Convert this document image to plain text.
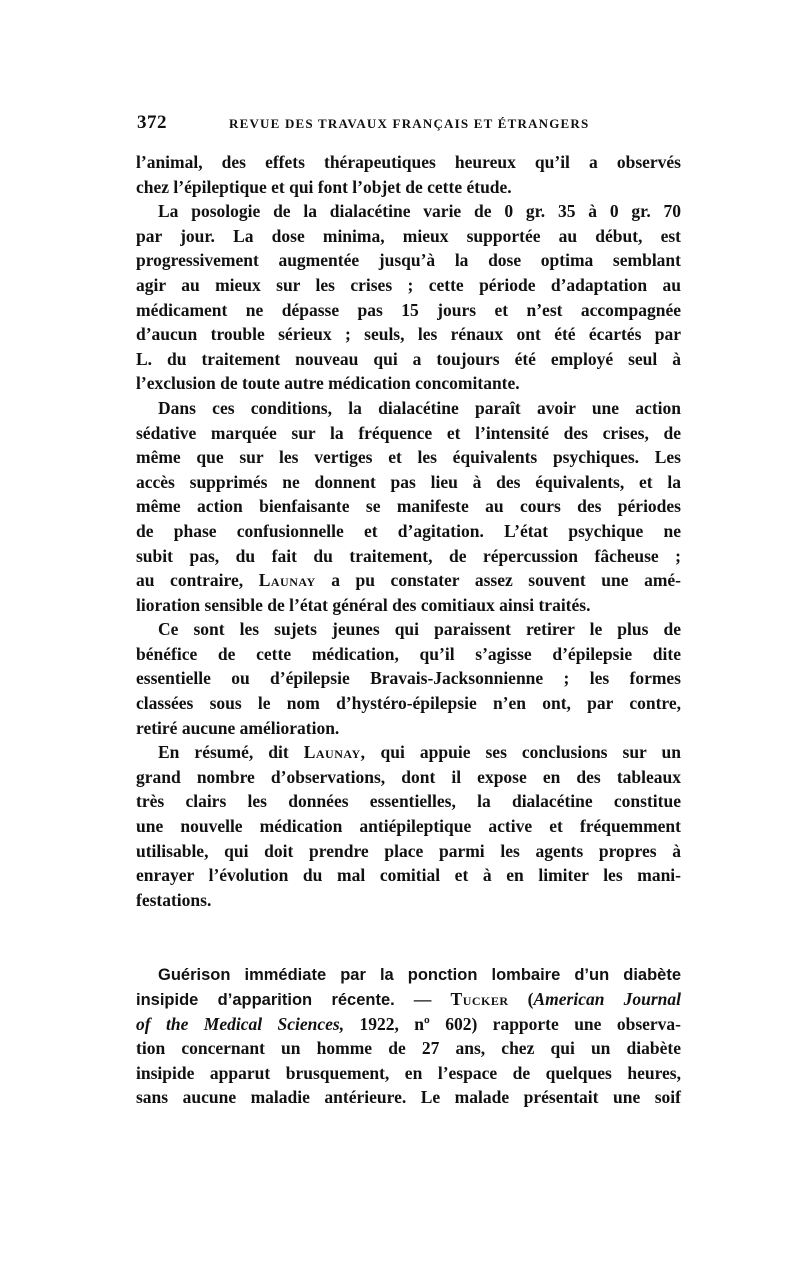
372	REVUE DES TRAVAUX FRANÇAIS ET ÉTRANGERS
l’animal, des effets thérapeutiques heureux qu’il a observés
chez l’épileptique et qui font l’objet de cette étude.
La posologie de la dialacétine varie de 0 gr. 35 à 0 gr. 70
par jour. La dose minima, mieux supportée au début, est
progressivement augmentée jusqu’à la dose optima semblant
agir au mieux sur les crises ; cette période d’adaptation au
médicament ne dépasse pas 15 jours et n’est accompagnée
d’aucun trouble sérieux ; seuls, les rénaux ont été écartés par
L. du traitement nouveau qui a toujours été employé seul à
l’exclusion de toute autre médication concomitante.
Dans ces conditions, la dialacétine paraît avoir une action
sédative marquée sur la fréquence et l’intensité des crises, de
même que sur les vertiges et les équivalents psychiques. Les
accès supprimés ne donnent pas lieu à des équivalents, et la
même action bienfaisante se manifeste au cours des périodes
de phase confusionnelle et d’agitation. L’état psychique ne
subit pas, du fait du traitement, de répercussion fâcheuse ;
au contraire, Launay a pu constater assez souvent une amé-
lioration sensible de l’état général des comitiaux ainsi traités.
Ce sont les sujets jeunes qui paraissent retirer le plus de
bénéfice de cette médication, qu’il s’agisse d’épilepsie dite
essentielle ou d’épilepsie Bravais-Jacksonnienne ; les formes
classées sous le nom d’hystéro-épilepsie n’en ont, par contre,
retiré aucune amélioration.
En résumé, dit Launay, qui appuie ses conclusions sur un
grand nombre d’observations, dont il expose en des tableaux
très clairs les données essentielles, la dialacétine constitue
une nouvelle médication antiépileptique active et fréquemment
utilisable, qui doit prendre place parmi les agents propres à
enrayer l’évolution du mal comitial et à en limiter les mani-
festations.
Guérison immédiate par la ponction lombaire d’un diabète
insipide d’apparition récente. — Tucker (American Journal
of the Medical Sciences, 1922, nº 602) rapporte une observa-
tion concernant un homme de 27 ans, chez qui un diabète
insipide apparut brusquement, en l’espace de quelques heures,
sans aucune maladie antérieure. Le malade présentait une soif
